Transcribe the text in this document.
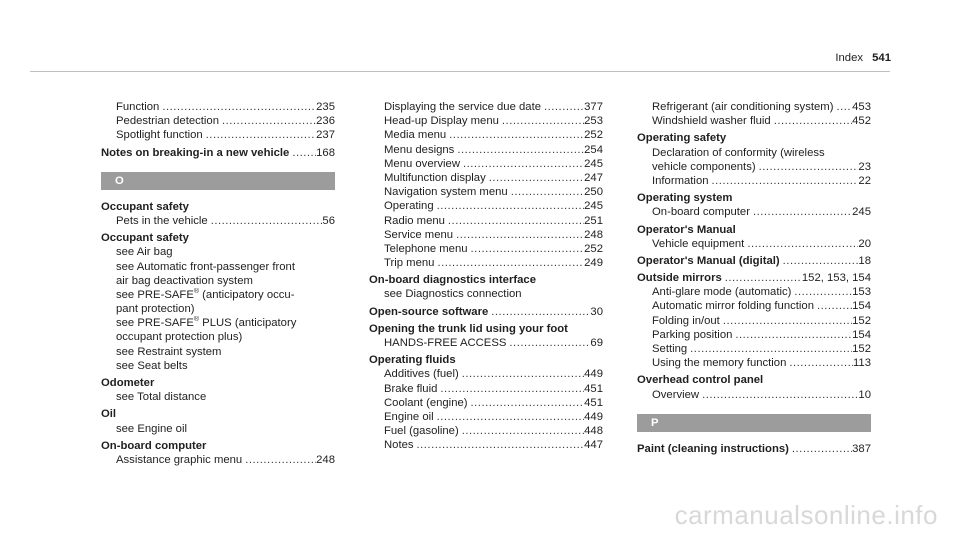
Index 541
Function .....	235
Pedestrian detection .....	236
Spotlight function .....	237
Notes on breaking-in a new vehicle ..... 168
O
Occupant safety
Pets in the vehicle .....	56
Occupant safety
see Air bag
see Automatic front-passenger front
air bag deactivation system
see PRE-SAFE® (anticipatory occu-
pant protection)
see PRE-SAFE® PLUS (anticipatory
occupant protection plus)
see Restraint system
see Seat belts
Odometer
see Total distance
Oil
see Engine oil
On-board computer
Assistance graphic menu .....	248
Displaying the service due date .....	377
Head-up Display menu .....	253
Media menu .....	252
Menu designs .....	254
Menu overview .....	245
Multifunction display .....	247
Navigation system menu .....	250
Operating .....	245
Radio menu .....	251
Service menu .....	248
Telephone menu .....	252
Trip menu .....	249
On-board diagnostics interface
see Diagnostics connection
Open-source software .....	30
Opening the trunk lid using your foot
HANDS-FREE ACCESS .....	69
Operating fluids
Additives (fuel) .....	449
Brake fluid .....	451
Coolant (engine) .....	451
Engine oil .....	449
Fuel (gasoline) .....	448
Notes .....	447
Refrigerant (air conditioning system) ..... 453
Windshield washer fluid .....	452
Operating safety
Declaration of conformity (wireless
vehicle components) .....	23
Information .....	22
Operating system
On-board computer .....	245
Operator's Manual
Vehicle equipment .....	20
Operator's Manual (digital) .....	18
Outside mirrors .....	152, 153, 154
Anti-glare mode (automatic) .....	153
Automatic mirror folding function .....	154
Folding in/out .....	152
Parking position .....	154
Setting .....	152
Using the memory function .....	113
Overhead control panel
Overview .....	10
P
Paint (cleaning instructions) .....	387
carmanualsonline.info
